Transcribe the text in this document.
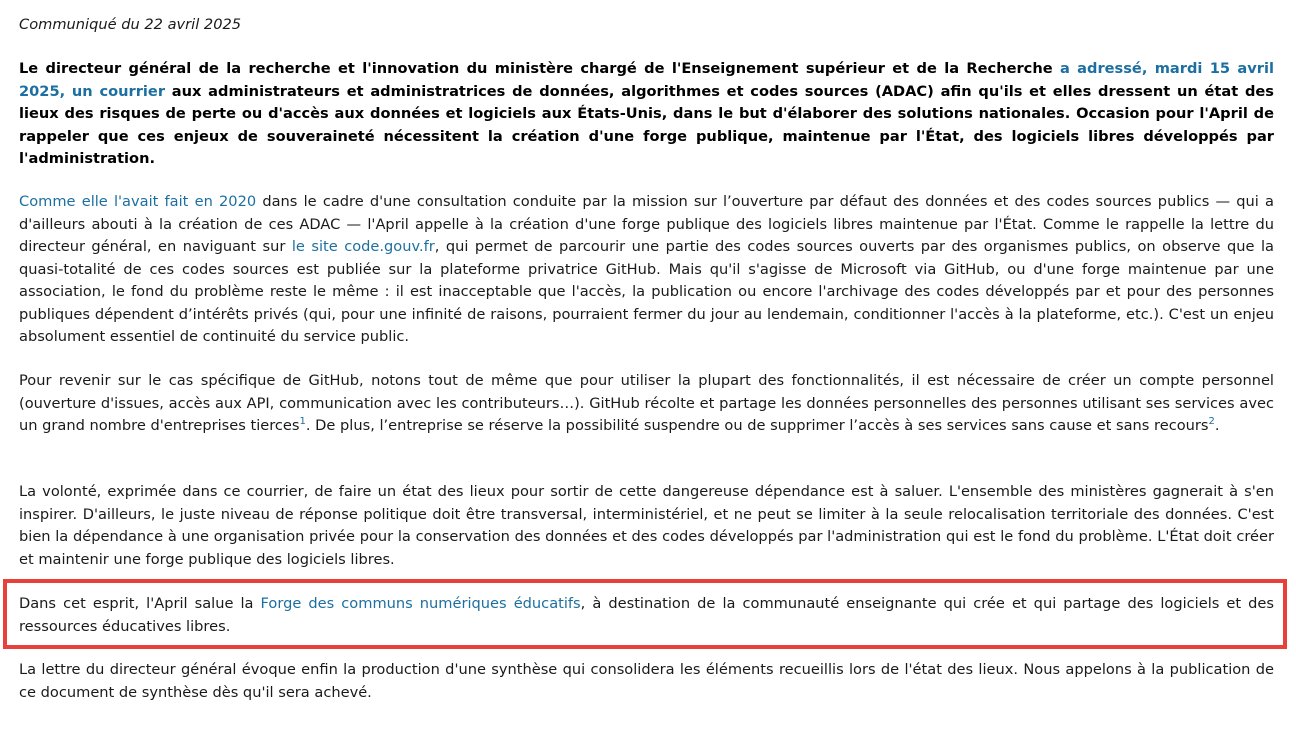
Communiqué du 22 avril 2025

Le directeur général de la recherche et l'innovation du ministère chargé de l'Enseignement supérieur et de la Recherche a adressé, mardi 15 avril 2025, un courrier aux administrateurs et administratrices de données, algorithmes et codes sources (ADAC) afin qu'ils et elles dressent un état des lieux des risques de perte ou d'accès aux données et logiciels aux États-Unis, dans le but d'élaborer des solutions nationales. Occasion pour l'April de rappeler que ces enjeux de souveraineté nécessitent la création d'une forge publique, maintenue par l'État, des logiciels libres développés par l'administration.

Comme elle l'avait fait en 2020 dans le cadre d'une consultation conduite par la mission sur l’ouverture par défaut des données et des codes sources publics — qui a d'ailleurs abouti à la création de ces ADAC — l'April appelle à la création d'une forge publique des logiciels libres maintenue par l'État. Comme le rappelle la lettre du directeur général, en naviguant sur le site code.gouv.fr, qui permet de parcourir une partie des codes sources ouverts par des organismes publics, on observe que la quasi-totalité de ces codes sources est publiée sur la plateforme privatrice GitHub. Mais qu'il s'agisse de Microsoft via GitHub, ou d'une forge maintenue par une association, le fond du problème reste le même : il est inacceptable que l'accès, la publication ou encore l'archivage des codes développés par et pour des personnes publiques dépendent d’intérêts privés (qui, pour une infinité de raisons, pourraient fermer du jour au lendemain, conditionner l'accès à la plateforme, etc.). C'est un enjeu absolument essentiel de continuité du service public.

Pour revenir sur le cas spécifique de GitHub, notons tout de même que pour utiliser la plupart des fonctionnalités, il est nécessaire de créer un compte personnel (ouverture d'issues, accès aux API, communication avec les contributeurs…). GitHub récolte et partage les données personnelles des personnes utilisant ses services avec un grand nombre d'entreprises tierces$^1$. De plus, l’entreprise se réserve la possibilité suspendre ou de supprimer l’accès à ses services sans cause et sans recours$^2$.

La volonté, exprimée dans ce courrier, de faire un état des lieux pour sortir de cette dangereuse dépendance est à saluer. L'ensemble des ministères gagnerait à s'en inspirer. D'ailleurs, le juste niveau de réponse politique doit être transversal, interministériel, et ne peut se limiter à la seule relocalisation territoriale des données. C'est bien la dépendance à une organisation privée pour la conservation des données et des codes développés par l'administration qui est le fond du problème. L'État doit créer et maintenir une forge publique des logiciels libres.

Dans cet esprit, l'April salue la Forge des communs numériques éducatifs, à destination de la communauté enseignante qui crée et qui partage des logiciels et des ressources éducatives libres.

La lettre du directeur général évoque enfin la production d'une synthèse qui consolidera les éléments recueillis lors de l'état des lieux. Nous appelons à la publication de ce document de synthèse dès qu'il sera achevé.
